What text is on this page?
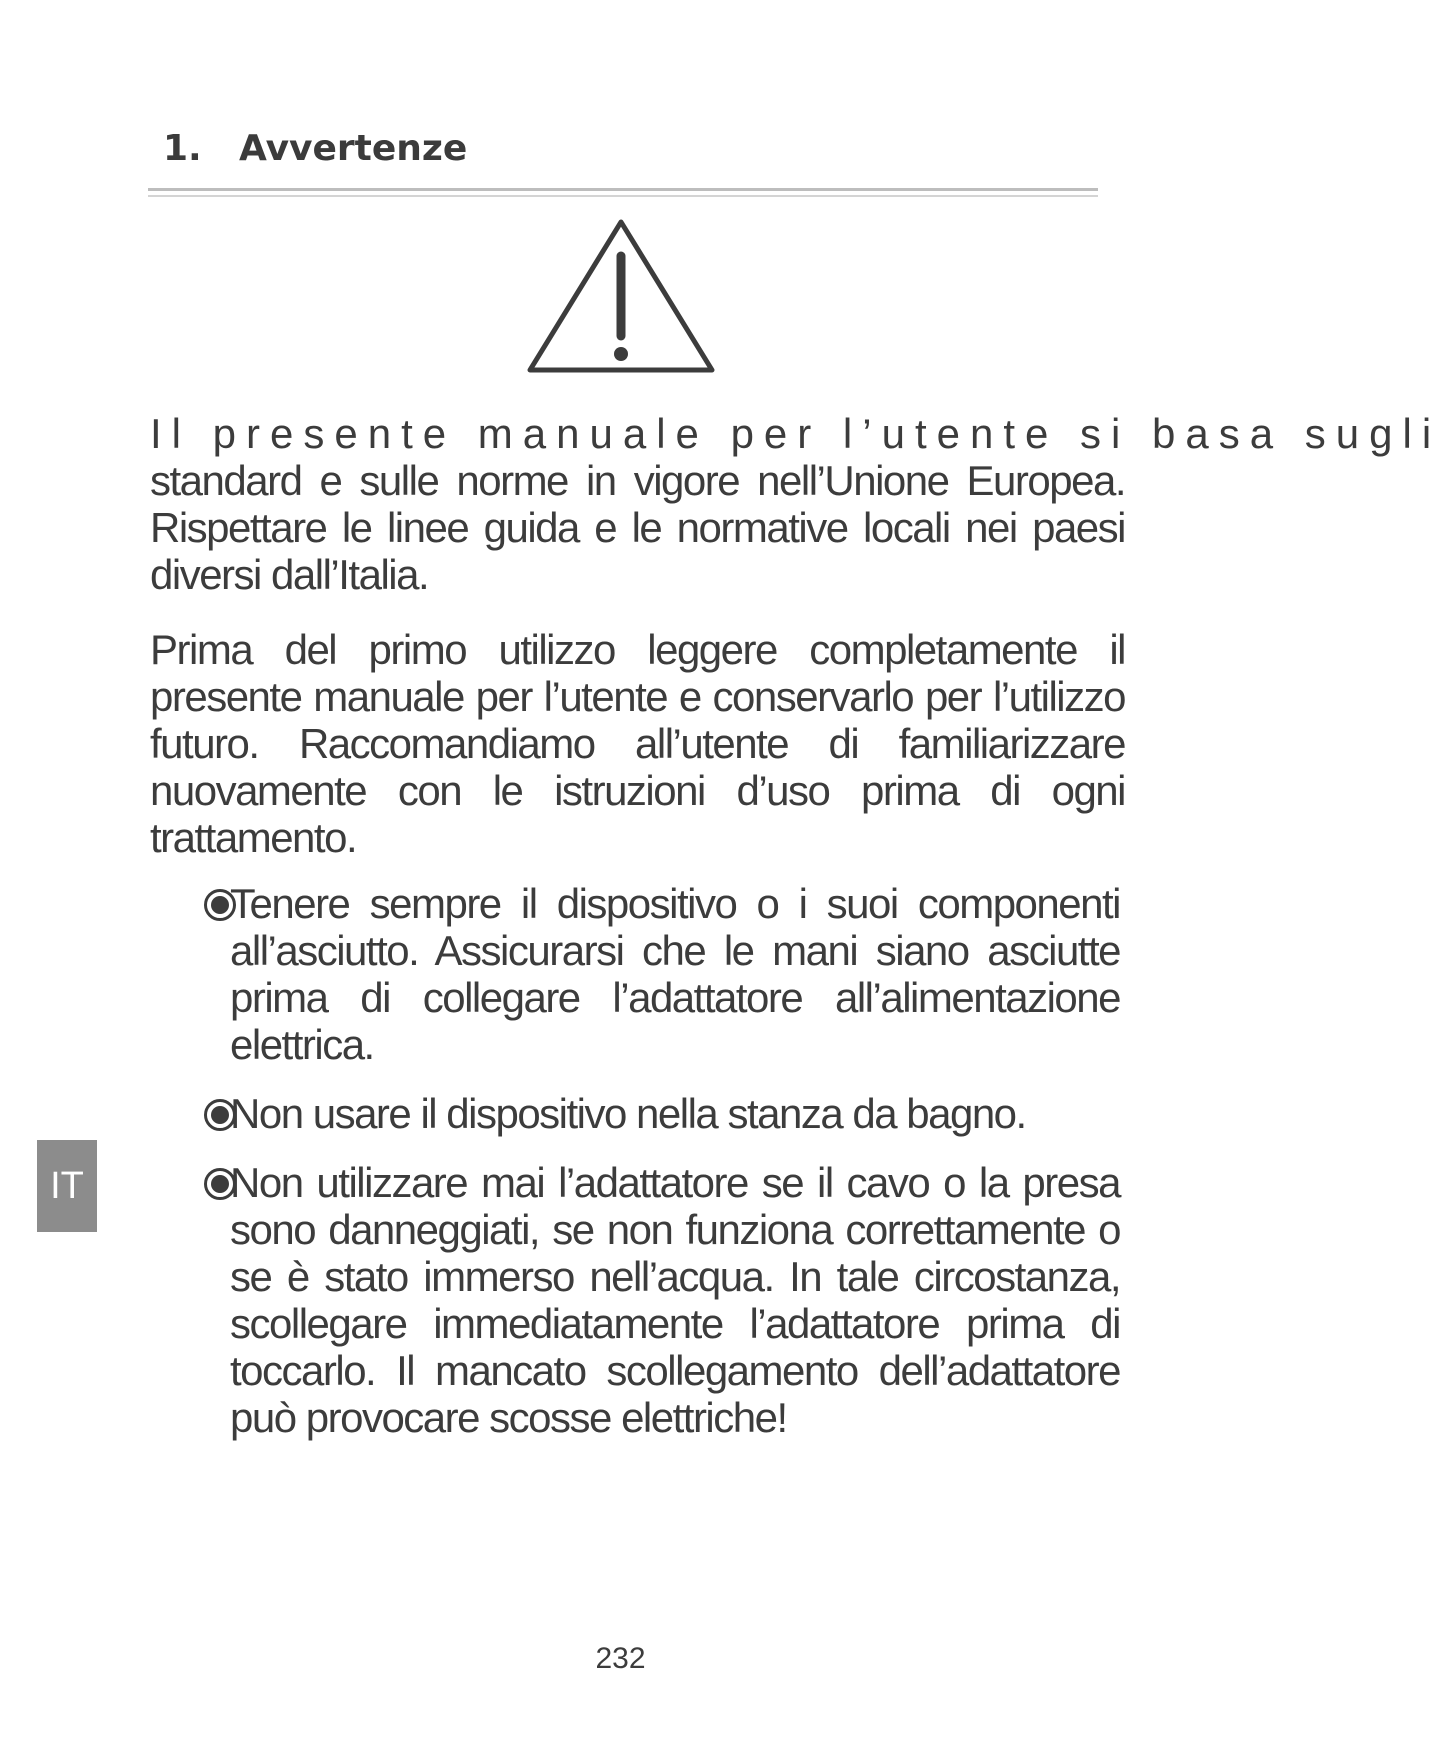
1. Avvertenze
Il presente manuale per l’utente si basa sugli
standard e sulle norme in vigore nell’Unione Europea. Rispettare le linee guida e le normative locali nei paesi diversi dall’Italia.
Prima del primo utilizzo leggere completamente il presente manuale per l’utente e conservarlo per l’utilizzo futuro. Raccomandiamo all’utente di familiarizzare nuovamente con le istruzioni d’uso prima di ogni trattamento.
Tenere sempre il dispositivo o i suoi componenti all’asciutto. Assicurarsi che le mani siano asciutte prima di collegare l’adattatore all’alimentazione elettrica.
Non usare il dispositivo nella stanza da bagno.
Non utilizzare mai l’adattatore se il cavo o la presa sono danneggiati, se non funziona correttamente o se è stato immerso nell’acqua. In tale circostanza, scollegare immediatamente l’adattatore prima di toccarlo. Il mancato scollegamento dell’adattatore può provocare scosse elettriche!
IT
232
